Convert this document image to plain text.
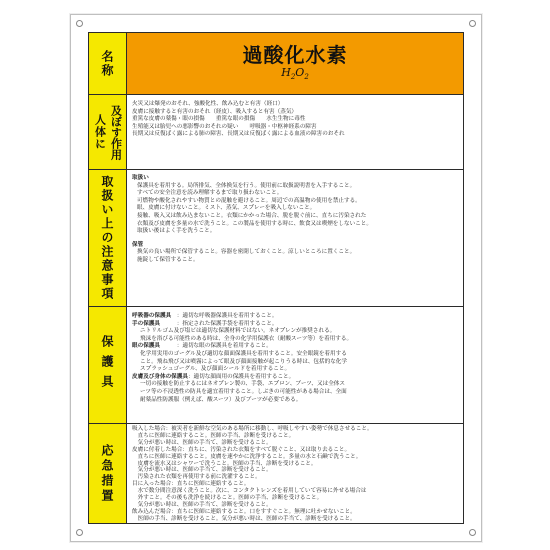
名称	過酸化水素
$H_2O_2$
人体に 及ぼす作用
火災又は爆発のおそれ、強酸化性、飲み込むと有害（経口）
皮膚に接触すると有害のおそれ（経皮）、吸入すると有害（蒸気）
重篤な皮膚の薬傷・眼の損傷　　重篤な眼の損傷　　水生生物に毒性
生殖能又は胎児への悪影響のおそれの疑い　　呼吸器・中枢神経系の障害
長期又は反復ばく露による肺の障害、長期又は反復ばく露による血液の障害のおそれ
取扱い上の注意事項	取扱い
保護具を着用する。局所排気、全体換気を行う。使用前に取扱説明書を入手すること。
すべての安全注意を読み理解するまで取り扱わないこと。
可燃物や酸化されやすい物質との混触を避けること。周辺での高温物の使用を禁止する。
眼、皮膚に付けないこと。ミスト、蒸気、スプレーを吸入しないこと。
接触、吸入又は飲み込まないこと。衣類にかかった場合、脱を脱ぐ前に、直ちに汚染された
衣類及び皮膚を多量の水で洗うこと。この製品を使用する時に、飲食又は喫煙をしないこと。
取扱い後はよく手を洗うこと。
保管
換気の良い場所で保管すること。容器を密閉しておくこと。涼しいところに置くこと。
施錠して保管すること。
保護具
呼吸器の保護具　：適切な呼吸器保護具を着用すること。
手の保護具　　　：指定された保護手袋を着用すること。
ニトリルゴム及び塩ビは適切な保護材料ではない。ネオプレンが推奨される。
飛沫を浴びる可能性のある時は、全身の化学用保護衣（耐酸スーツ等）を着用する。
眼の保護具　　　：適切な眼の保護具を着用すること。
化学用実用のゴーグル及び適切な顔面保護具を着用すること。安全眼鏡を着用する
こと。飛ね飛び又は噴霧によって眼及び顔面接触が起こりうる時は、包括的な化学
スプラッシュゴーグル、及び顔面シールドを着用すること。
皮膚及び身体の保護具：適切な顔面用の保護具を着用すること。
一切の接触を防止するにはネオプレン製の、手袋、エプロン、ブーツ、又は全体ス
ーツ等の不浸透性の防具を適宜着用すること。しぶきの可能性がある場合は、全面
耐薬品性防護服（例えば、酸スーツ）及びブーツが必要である。
応急措置
吸入した場合：被災者を新鮮な空気のある場所に移動し、呼吸しやすい姿勢で休息させること。
　直ちに医師に連絡すること。医師の手当、診断を受けること。
　気分が悪い時は、医師の手当て、診断を受けること。
皮膚に付着した場合：直ちに、汚染された衣類をすべて脱ぐこと、又は取り去ること。
　直ちに医師に連絡すること。皮膚を速やかに洗浄すること。多量の水と石鹸で洗うこと。
　皮膚を流水又はシャワーで洗うこと。医師の手当、診断を受けること。
　気分が悪い時は、医師の手当て、診断を受けること。
　汚染された衣類を再使用する前に洗濯すること。
目に入った場合：直ちに医師に連絡すること。
　水で数分間注意深く洗うこと。次に、コンタクトレンズを着用していて容易に外せる場合は
　外すこと。その後も洗浄を続けること。医師の手当、診断を受けること。
　気分が悪い時は、医師の手当て、診断を受けること。
飲み込んだ場合：直ちに医師に連絡すること。口をすすぐこと。無理に吐かせないこと。
　医師の手当、診断を受けること。気分が悪い時は、医師の手当て、診断を受けること。
